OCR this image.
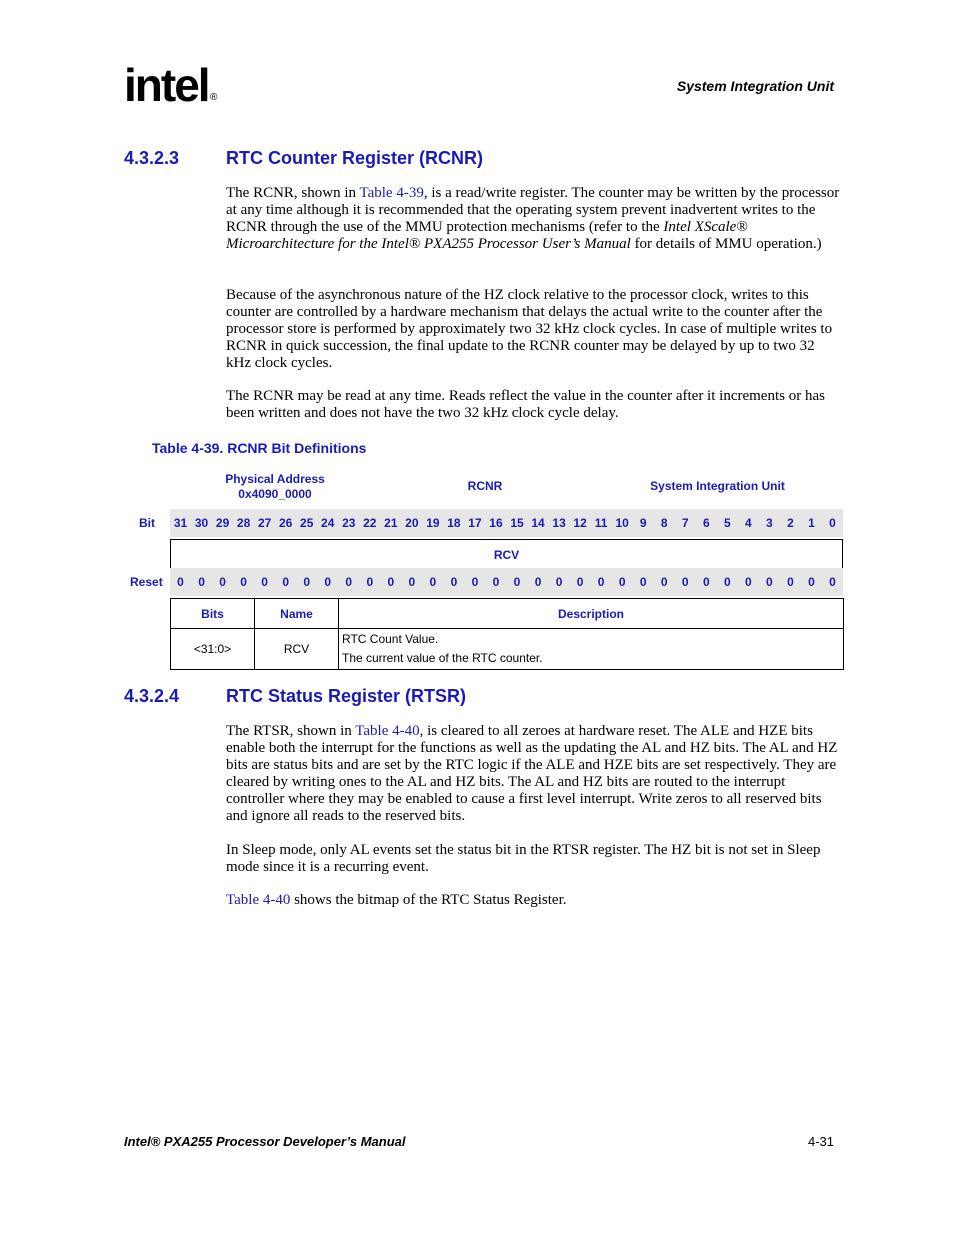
intel ®
System Integration Unit
4.3.2.3	RTC Counter Register (RCNR)
The RCNR, shown in Table 4-39, is a read/write register. The counter may be written by the processor at any time although it is recommended that the operating system prevent inadvertent writes to the RCNR through the use of the MMU protection mechanisms (refer to the Intel XScale® Microarchitecture for the Intel® PXA255 Processor User’s Manual for details of MMU operation.)
Because of the asynchronous nature of the HZ clock relative to the processor clock, writes to this counter are controlled by a hardware mechanism that delays the actual write to the counter after the processor store is performed by approximately two 32 kHz clock cycles. In case of multiple writes to RCNR in quick succession, the final update to the RCNR counter may be delayed by up to two 32 kHz clock cycles.
The RCNR may be read at any time. Reads reflect the value in the counter after it increments or has been written and does not have the two 32 kHz clock cycle delay.
Table 4-39. RCNR Bit Definitions
Physical Address
0x4090_0000
RCNR	System Integration Unit
Bit	31 30 29 28 27 26 25 24 23 22 21 20 19 18 17 16 15 14 13 12 11 10 9	8	7	6	5	4	3	2	1	0
RCV
Reset	0	0	0	0	0	0	0	0	0	0	0	0	0	0	0	0	0	0	0	0	0	0	0	0	0	0	0	0	0	0	0	0
Bits	Name	Description
<31:0>	RCV	RTC Count Value.
The current value of the RTC counter.
4.3.2.4	RTC Status Register (RTSR)
The RTSR, shown in Table 4-40, is cleared to all zeroes at hardware reset. The ALE and HZE bits enable both the interrupt for the functions as well as the updating the AL and HZ bits. The AL and HZ bits are status bits and are set by the RTC logic if the ALE and HZE bits are set respectively. They are cleared by writing ones to the AL and HZ bits. The AL and HZ bits are routed to the interrupt controller where they may be enabled to cause a first level interrupt. Write zeros to all reserved bits and ignore all reads to the reserved bits.
In Sleep mode, only AL events set the status bit in the RTSR register. The HZ bit is not set in Sleep mode since it is a recurring event.
Table 4-40 shows the bitmap of the RTC Status Register.
Intel® PXA255 Processor Developer’s Manual	4-31
